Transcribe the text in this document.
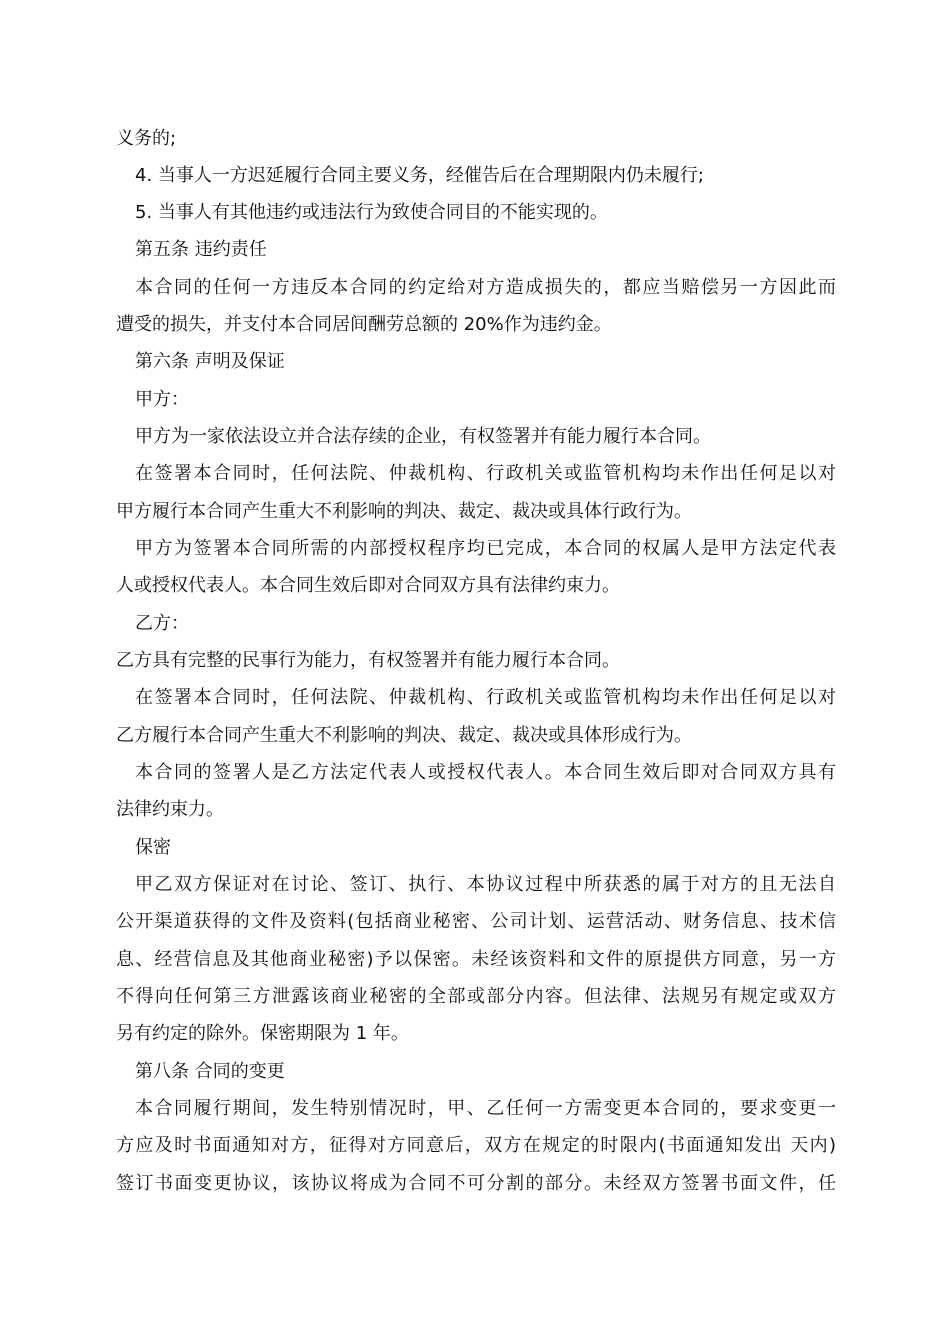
义务的;
4. 当事人一方迟延履行合同主要义务，经催告后在合理期限内仍未履行;
5. 当事人有其他违约或违法行为致使合同目的不能实现的。
第五条 违约责任
本合同的任何一方违反本合同的约定给对方造成损失的，都应当赔偿另一方因此而
遭受的损失，并支付本合同居间酬劳总额的 20%作为违约金。
第六条 声明及保证
甲方：
甲方为一家依法设立并合法存续的企业，有权签署并有能力履行本合同。
在签署本合同时，任何法院、仲裁机构、行政机关或监管机构均未作出任何足以对
甲方履行本合同产生重大不利影响的判决、裁定、裁决或具体行政行为。
甲方为签署本合同所需的内部授权程序均已完成，本合同的权属人是甲方法定代表
人或授权代表人。本合同生效后即对合同双方具有法律约束力。
乙方：
乙方具有完整的民事行为能力，有权签署并有能力履行本合同。
在签署本合同时，任何法院、仲裁机构、行政机关或监管机构均未作出任何足以对
乙方履行本合同产生重大不利影响的判决、裁定、裁决或具体形成行为。
本合同的签署人是乙方法定代表人或授权代表人。本合同生效后即对合同双方具有
法律约束力。
保密
甲乙双方保证对在讨论、签订、执行、本协议过程中所获悉的属于对方的且无法自
公开渠道获得的文件及资料(包括商业秘密、公司计划、运营活动、财务信息、技术信
息、经营信息及其他商业秘密)予以保密。未经该资料和文件的原提供方同意，另一方
不得向任何第三方泄露该商业秘密的全部或部分内容。但法律、法规另有规定或双方
另有约定的除外。保密期限为 1 年。
第八条 合同的变更
本合同履行期间，发生特别情况时，甲、乙任何一方需变更本合同的，要求变更一
方应及时书面通知对方，征得对方同意后，双方在规定的时限内(书面通知发出 天内)
签订书面变更协议，该协议将成为合同不可分割的部分。未经双方签署书面文件，任
